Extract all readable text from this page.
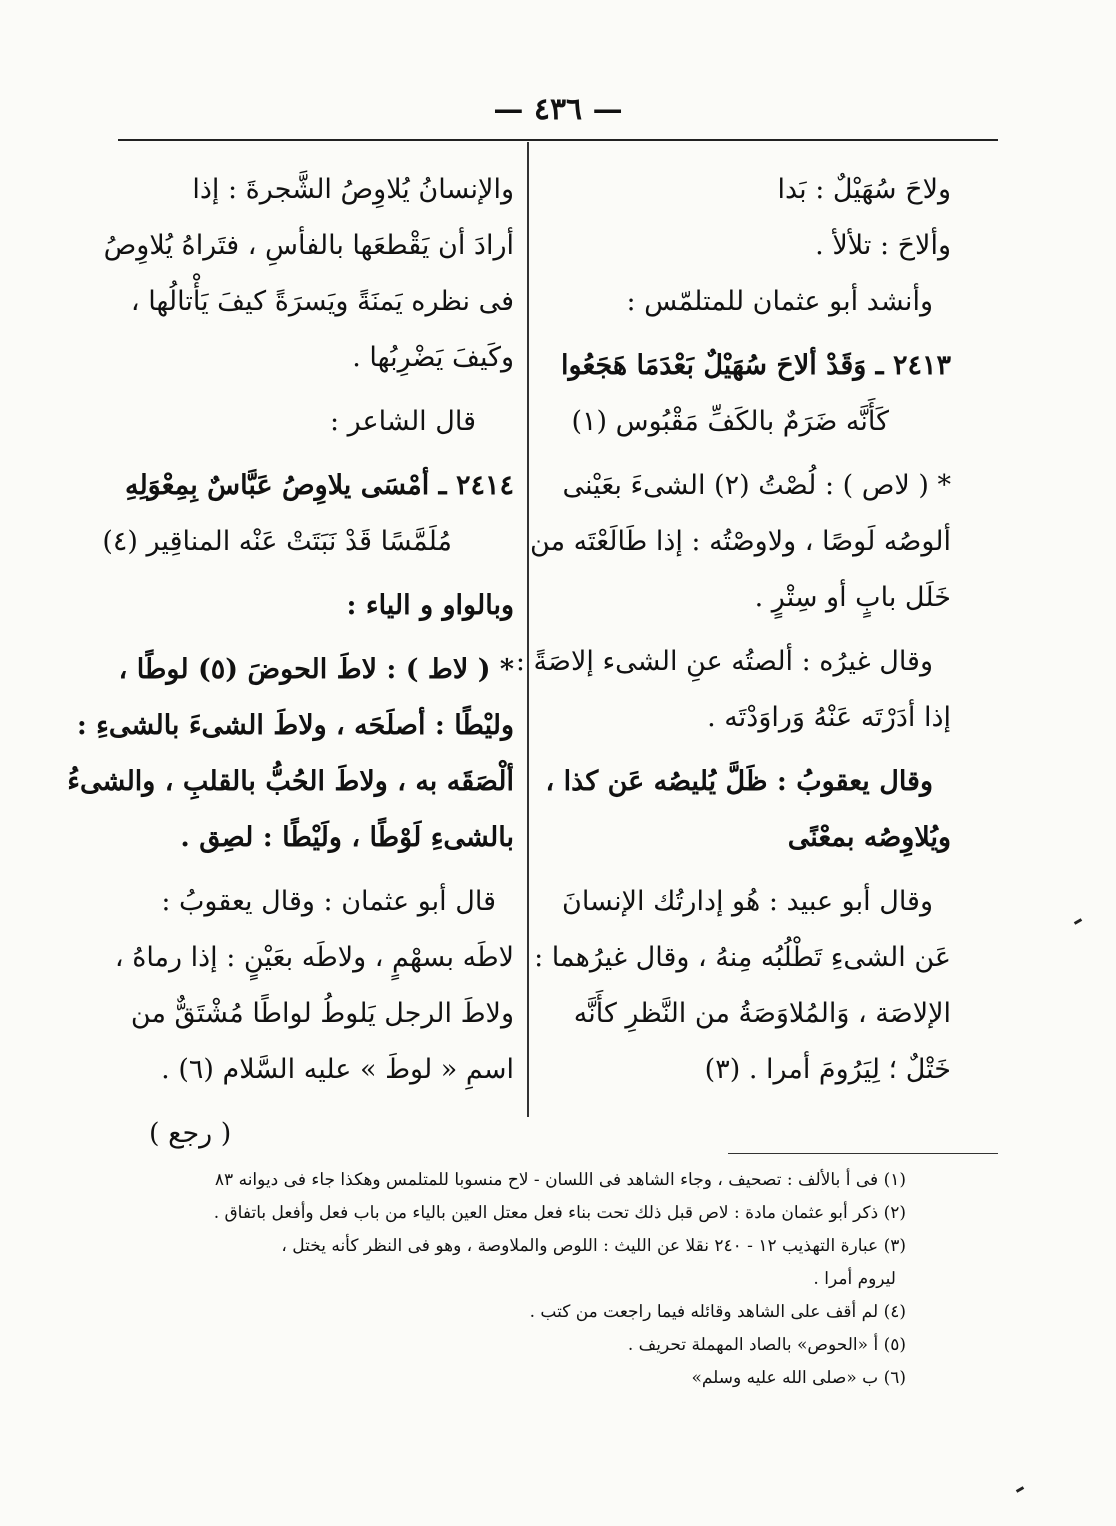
— ٤٣٦ —
ولاحَ سُهَيْلٌ : بَدا
وألاحَ : تلألأ .
وأنشد أبو عثمان للمتلمّس :
٢٤١٣ ـ وَقَدْ ألاحَ سُهَيْلٌ بَعْدَمَا هَجَعُوا
كَأَنَّه ضَرَمٌ بالكَفِّ مَقْبُوس (١)
* ( لاص ) : لُصْتُ (٢) الشىءَ بعَيْنى
ألوصُه لَوصًا ، ولاوصْتُه : إذا طَالَعْتَه من
خَلَل بابٍ أو سِتْرٍ .
وقال غيرُه : ألصتُه عنِ الشىء إلاصَةً :
إذا أدَرْتَه عَنْهُ وَراوَدْتَه .
وقال يعقوبُ : ظَلَّ يُليصُه عَن كذا ،
ويُلاوِصُه بمعْنًى
وقال أبو عبيد : هُو إدارتُك الإنسانَ
عَن الشىءِ تَطْلُبُه مِنهُ ، وقال غيرُهما :
الإلاصَة ، وَالمُلاوَصَةُ من النَّظرِ كأَنَّه
خَتْلٌ ؛ لِيَرُومَ أمرا . (٣)
والإنسانُ يُلاوِصُ الشَّجرةَ : إذا
أرادَ أن يَقْطعَها بالفأسِ ، فتَراهُ يُلاوِصُ
فى نظره يَمنَةً ويَسرَةً كيفَ يَأْتالُها ،
وكَيفَ يَضْرِبُها .
قال الشاعر :
٢٤١٤ ـ أمْسَى يلاوِصُ عَبَّاسٌ بِمِعْوَلِهِ
مُلَمَّسًا قَدْ نَبَتَتْ عَنْه المناقِير (٤)
وبالواو و الياء :
* ( لاط ) : لاطَ الحوضَ (٥) لوطًا ،
وليْطًا : أصلَحَه ، ولاطَ الشىءَ بالشىءِ :
ألْصَقَه به ، ولاطَ الحُبُّ بالقلبِ ، والشىءُ
بالشىءِ لَوْطًا ، ولَيْطًا : لصِق .
قال أبو عثمان : وقال يعقوبُ :
لاطَه بسهْمٍ ، ولاطَه بعَيْنٍ : إذا رماهُ ،
ولاطَ الرجل يَلوطُ لواطًا مُشْتَقٌّ من
اسمِ « لوطَ » عليه السَّلام (٦) .
( رجع )
(١) فى أ بالألف : تصحيف ، وجاء الشاهد فى اللسان - لاح منسوبا للمتلمس وهكذا جاء فى ديوانه ٨٣
(٢) ذكر أبو عثمان مادة : لاص قبل ذلك تحت بناء فعل معتل العين بالياء من باب فعل وأفعل باتفاق .
(٣) عبارة التهذيب ١٢ - ٢٤٠ نقلا عن الليث : اللوص والملاوصة ، وهو فى النظر كأنه يختل ،
ليروم أمرا .
(٤) لم أقف على الشاهد وقائله فيما راجعت من كتب .
(٥) أ «الحوص» بالصاد المهملة تحريف .
(٦) ب «صلى الله عليه وسلم»
